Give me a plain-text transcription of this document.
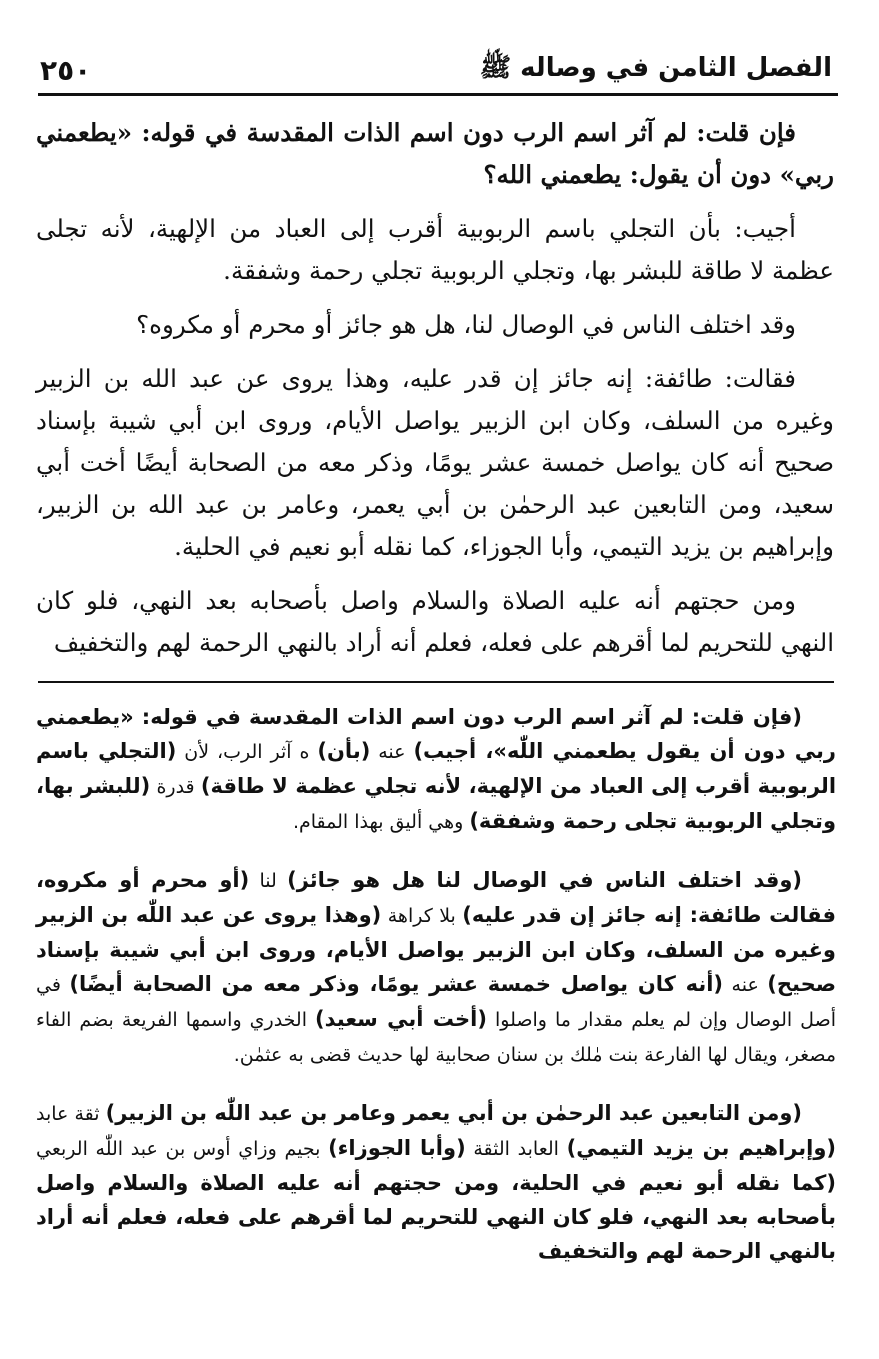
٢٥٠	الفصل الثامن في وصاله ﷺ

فإن قلت: لم آثر اسم الرب دون اسم الذات المقدسة في قوله: «يطعمني ربي» دون أن يقول: يطعمني الله؟

أجيب: بأن التجلي باسم الربوبية أقرب إلى العباد من الإلهية، لأنه تجلى عظمة لا طاقة للبشر بها، وتجلي الربوبية تجلي رحمة وشفقة.

وقد اختلف الناس في الوصال لنا، هل هو جائز أو محرم أو مكروه؟

فقالت: طائفة: إنه جائز إن قدر عليه، وهذا يروى عن عبد الله بن الزبير وغيره من السلف، وكان ابن الزبير يواصل الأيام، وروى ابن أبي شيبة بإسناد صحيح أنه كان يواصل خمسة عشر يومًا، وذكر معه من الصحابة أيضًا أخت أبي سعيد، ومن التابعين عبد الرحمٰن بن أبي يعمر، وعامر بن عبد الله بن الزبير، وإبراهيم بن يزيد التيمي، وأبا الجوزاء، كما نقله أبو نعيم في الحلية.

ومن حجتهم أنه عليه الصلاة والسلام واصل بأصحابه بعد النهي، فلو كان النهي للتحريم لما أقرهم على فعله، فعلم أنه أراد بالنهي الرحمة لهم والتخفيف

(فإن قلت: لم آثر اسم الرب دون اسم الذات المقدسة في قوله: «يطعمني ربي دون أن يقول يطعمني اللّٰه»، أجيب) عنه (بأن) ه آثر الرب، لأن (التجلي باسم الربوبية أقرب إلى العباد من الإلهية، لأنه تجلي عظمة لا طاقة) قدرة (للبشر بها، وتجلي الربوبية تجلى رحمة وشفقة) وهي أليق بهذا المقام.

(وقد اختلف الناس في الوصال لنا هل هو جائز) لنا (أو محرم أو مكروه، فقالت طائفة: إنه جائز إن قدر عليه) بلا كراهة (وهذا يروى عن عبد اللّٰه بن الزبير وغيره من السلف، وكان ابن الزبير يواصل الأيام، وروى ابن أبي شيبة بإسناد صحيح) عنه (أنه كان يواصل خمسة عشر يومًا، وذكر معه من الصحابة أيضًا) في أصل الوصال وإن لم يعلم مقدار ما واصلوا (أخت أبي سعيد) الخدري واسمها الفريعة بضم الفاء مصغر، ويقال لها الفارعة بنت مٰلك بن سنان صحابية لها حديث قضى به عثمٰن.

(ومن التابعين عبد الرحمٰن بن أبي يعمر وعامر بن عبد اللّٰه بن الزبير) ثقة عابد (وإبراهيم بن يزيد التيمي) العابد الثقة (وأبا الجوزاء) بجيم وزاي أوس بن عبد اللّٰه الربعي (كما نقله أبو نعيم في الحلية، ومن حجتهم أنه عليه الصلاة والسلام واصل بأصحابه بعد النهي، فلو كان النهي للتحريم لما أقرهم على فعله، فعلم أنه أراد بالنهي الرحمة لهم والتخفيف
